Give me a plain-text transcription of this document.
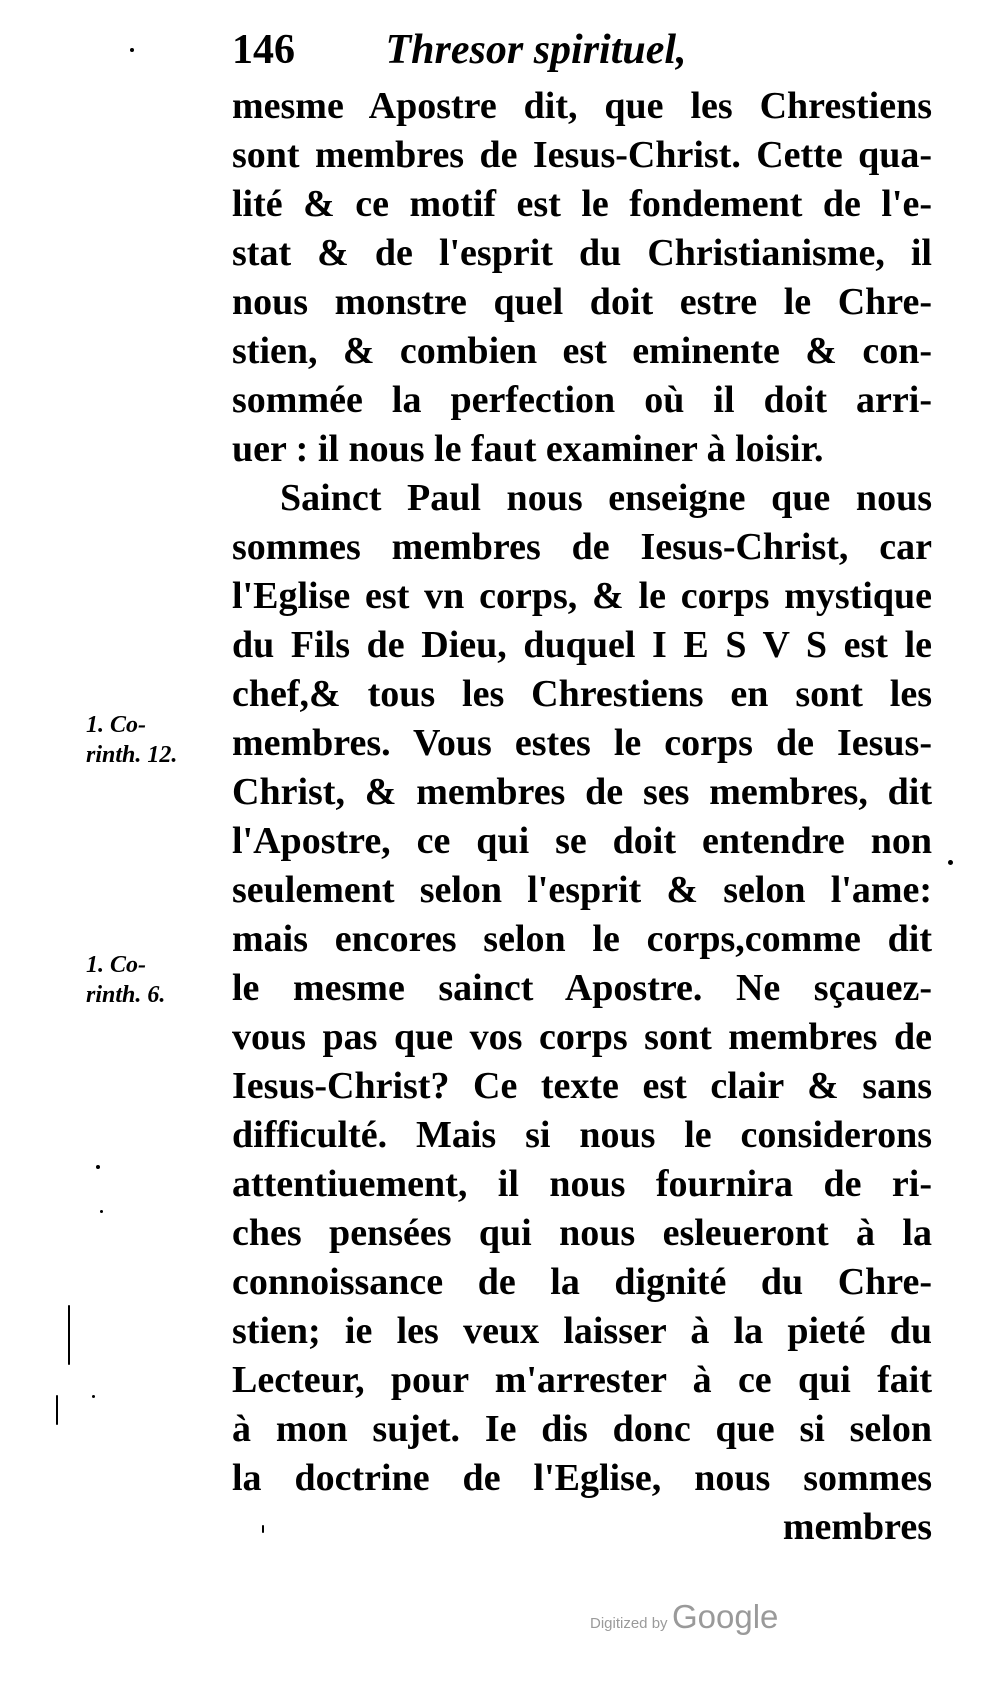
146 Thresor spirituel,
mesme Apostre dit, que les Chrestiens
sont membres de Iesus-Christ. Cette qua-
lité & ce motif est le fondement de l'e-
stat & de l'esprit du Christianisme, il
nous monstre quel doit estre le Chre-
stien, & combien est eminente & con-
sommée la perfection où il doit arri-
uer : il nous le faut examiner à loisir.
Sainct Paul nous enseigne que nous
sommes membres de Iesus-Christ, car
l'Eglise est vn corps, & le corps mystique
du Fils de Dieu, duquel I E S V S est le
chef,& tous les Chrestiens en sont les
membres. Vous estes le corps de Iesus-
Christ, & membres de ses membres, dit
l'Apostre, ce qui se doit entendre non
seulement selon l'esprit & selon l'ame:
mais encores selon le corps,comme dit
le mesme sainct Apostre. Ne sçauez-
vous pas que vos corps sont membres de
Iesus-Christ? Ce texte est clair & sans
difficulté. Mais si nous le considerons
attentiuement, il nous fournira de ri-
ches pensées qui nous esleueront à la
connoissance de la dignité du Chre-
stien; ie les veux laisser à la pieté du
Lecteur, pour m'arrester à ce qui fait
à mon sujet. Ie dis donc que si selon
la doctrine de l'Eglise, nous sommes
membres
1. Co-
rinth. 12.
1. Co-
rinth. 6.
Digitized by Google
